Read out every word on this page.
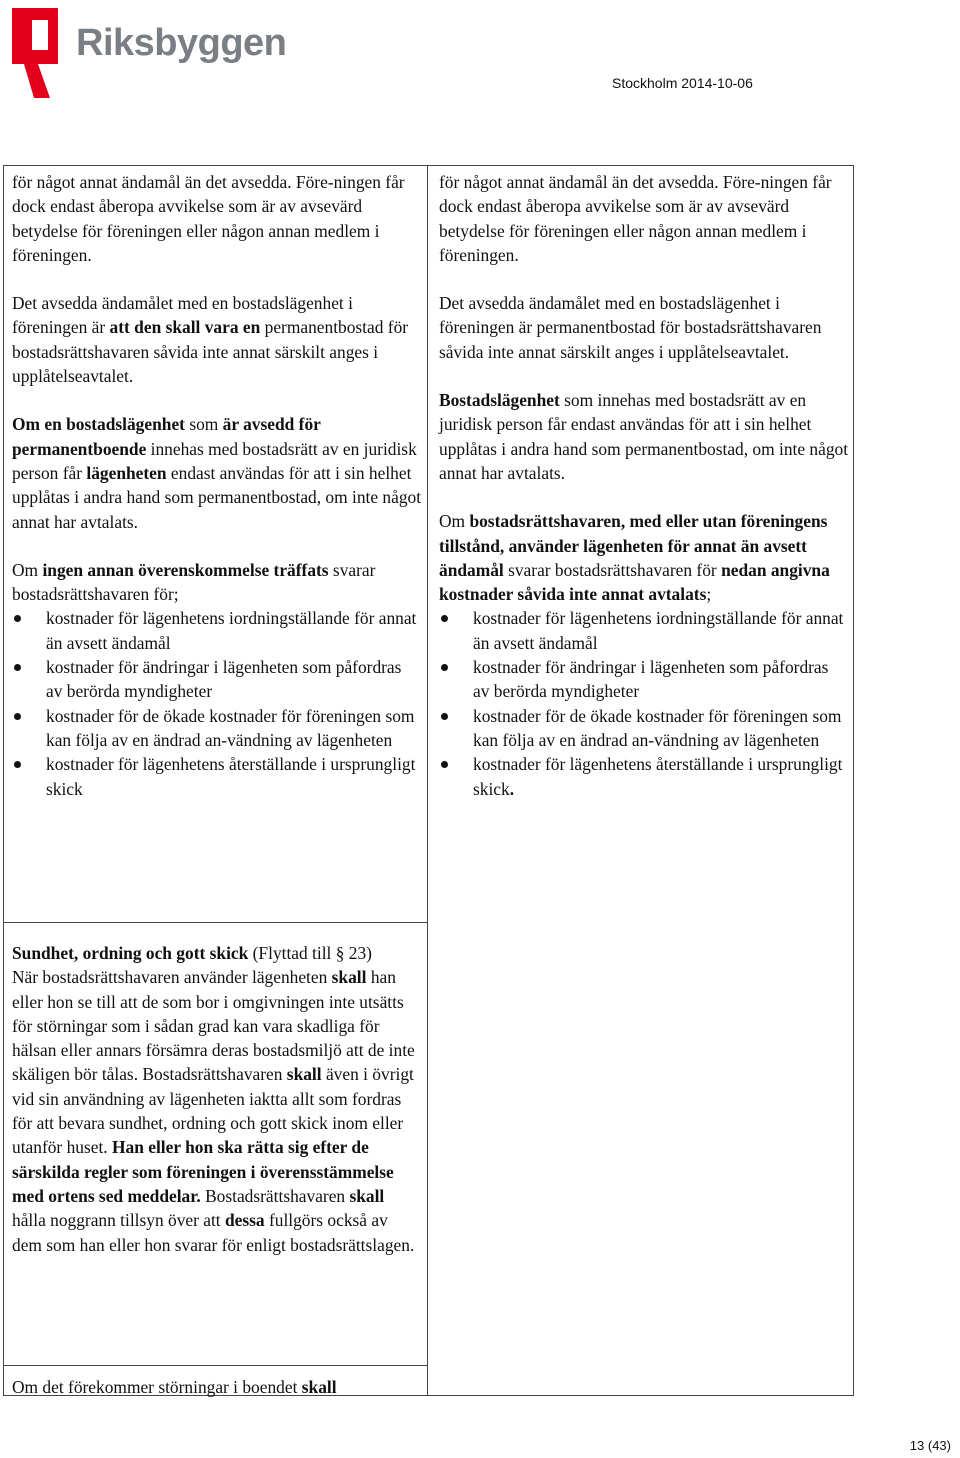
Riksbyggen
Stockholm 2014-10-06

för något annat ändamål än det avsedda. Före-ningen får dock endast åberopa avvikelse som är av avsevärd betydelse för föreningen eller någon annan medlem i föreningen.

Det avsedda ändamålet med en bostadslägenhet i föreningen är att den skall vara en permanentbostad för bostadsrättshavaren såvida inte annat särskilt anges i upplåtelseavtalet.

Om en bostadslägenhet som är avsedd för permanentboende innehas med bostadsrätt av en juridisk person får lägenheten endast användas för att i sin helhet upplåtas i andra hand som permanentbostad, om inte något annat har avtalats.

Om ingen annan överenskommelse träffats svarar bostadsrättshavaren för;

kostnader för lägenhetens iordningställande för annat än avsett ändamål
kostnader för ändringar i lägenheten som påfordras av berörda myndigheter
kostnader för de ökade kostnader för föreningen som kan följa av en ändrad an-vändning av lägenheten
kostnader för lägenhetens återställande i ursprungligt skick

Sundhet, ordning och gott skick (Flyttad till § 23)
När bostadsrättshavaren använder lägenheten skall han eller hon se till att de som bor i omgivningen inte utsätts för störningar som i sådan grad kan vara skadliga för hälsan eller annars försämra deras bostadsmiljö att de inte skäligen bör tålas. Bostadsrättshavaren skall även i övrigt vid sin användning av lägenheten iaktta allt som fordras för att bevara sundhet, ordning och gott skick inom eller utanför huset. Han eller hon ska rätta sig efter de särskilda regler som föreningen i överensstämmelse med ortens sed meddelar. Bostadsrättshavaren skall hålla noggrann tillsyn över att dessa fullgörs också av dem som han eller hon svarar för enligt bostadsrättslagen.

Om det förekommer störningar i boendet skall

för något annat ändamål än det avsedda. Före-ningen får dock endast åberopa avvikelse som är av avsevärd betydelse för föreningen eller någon annan medlem i föreningen.

Det avsedda ändamålet med en bostadslägenhet i föreningen är permanentbostad för bostadsrättshavaren såvida inte annat särskilt anges i upplåtelseavtalet.

Bostadslägenhet som innehas med bostadsrätt av en juridisk person får endast användas för att i sin helhet upplåtas i andra hand som permanentbostad, om inte något annat har avtalats.

Om bostadsrättshavaren, med eller utan föreningens tillstånd, använder lägenheten för annat än avsett ändamål svarar bostadsrättshavaren för nedan angivna kostnader såvida inte annat avtalats;

kostnader för lägenhetens iordningställande för annat än avsett ändamål
kostnader för ändringar i lägenheten som påfordras av berörda myndigheter
kostnader för de ökade kostnader för föreningen som kan följa av en ändrad an-vändning av lägenheten
kostnader för lägenhetens återställande i ursprungligt skick.
13 (43)
